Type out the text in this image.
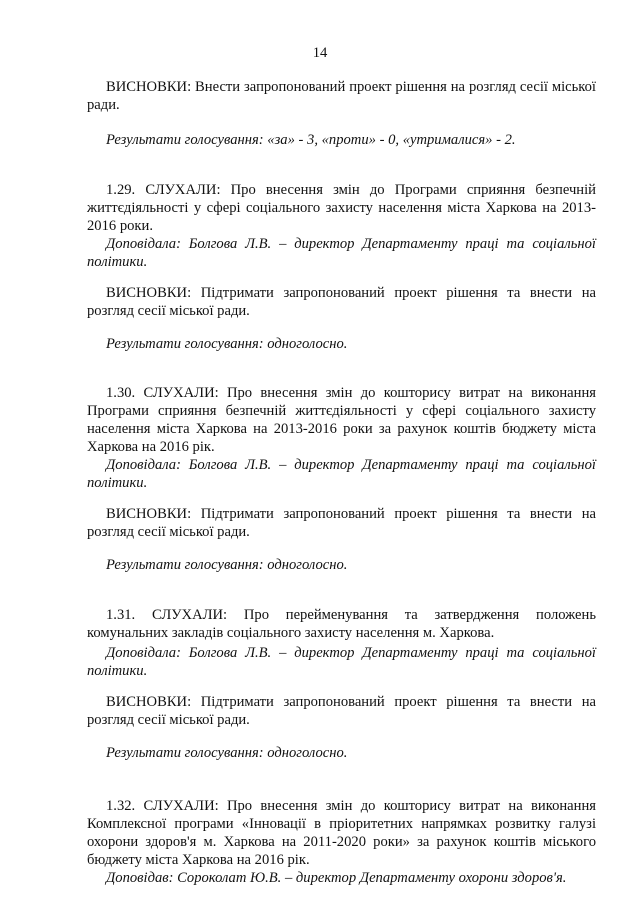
14

ВИСНОВКИ: Внести запропонований проект рішення на розгляд сесії міської ради.

Результати голосування: «за» - 3, «проти» - 0, «утрималися» - 2.

1.29. СЛУХАЛИ: Про внесення змін до Програми сприяння безпечній життєдіяльності у сфері соціального захисту населення міста Харкова на 2013-2016 роки.

Доповідала: Болгова Л.В. – директор Департаменту праці та соціальної політики.

ВИСНОВКИ: Підтримати запропонований проект рішення та внести на розгляд сесії міської ради.

Результати голосування: одноголосно.

1.30. СЛУХАЛИ: Про внесення змін до кошторису витрат на виконання Програми сприяння безпечній життєдіяльності у сфері соціального захисту населення міста Харкова на 2013-2016 роки за рахунок коштів бюджету міста Харкова на 2016 рік.

Доповідала: Болгова Л.В. – директор Департаменту праці та соціальної політики.

ВИСНОВКИ: Підтримати запропонований проект рішення та внести на розгляд сесії міської ради.

Результати голосування: одноголосно.

1.31. СЛУХАЛИ: Про перейменування та затвердження положень комунальних закладів соціального захисту населення м. Харкова.

Доповідала: Болгова Л.В. – директор Департаменту праці та соціальної політики.

ВИСНОВКИ: Підтримати запропонований проект рішення та внести на розгляд сесії міської ради.

Результати голосування: одноголосно.

1.32. СЛУХАЛИ: Про внесення змін до кошторису витрат на виконання Комплексної програми «Інновації в пріоритетних напрямках розвитку галузі охорони здоров'я м. Харкова на 2011-2020 роки» за рахунок коштів міського бюджету міста Харкова на 2016 рік.

Доповідав: Сороколат Ю.В. – директор Департаменту охорони здоров'я.
